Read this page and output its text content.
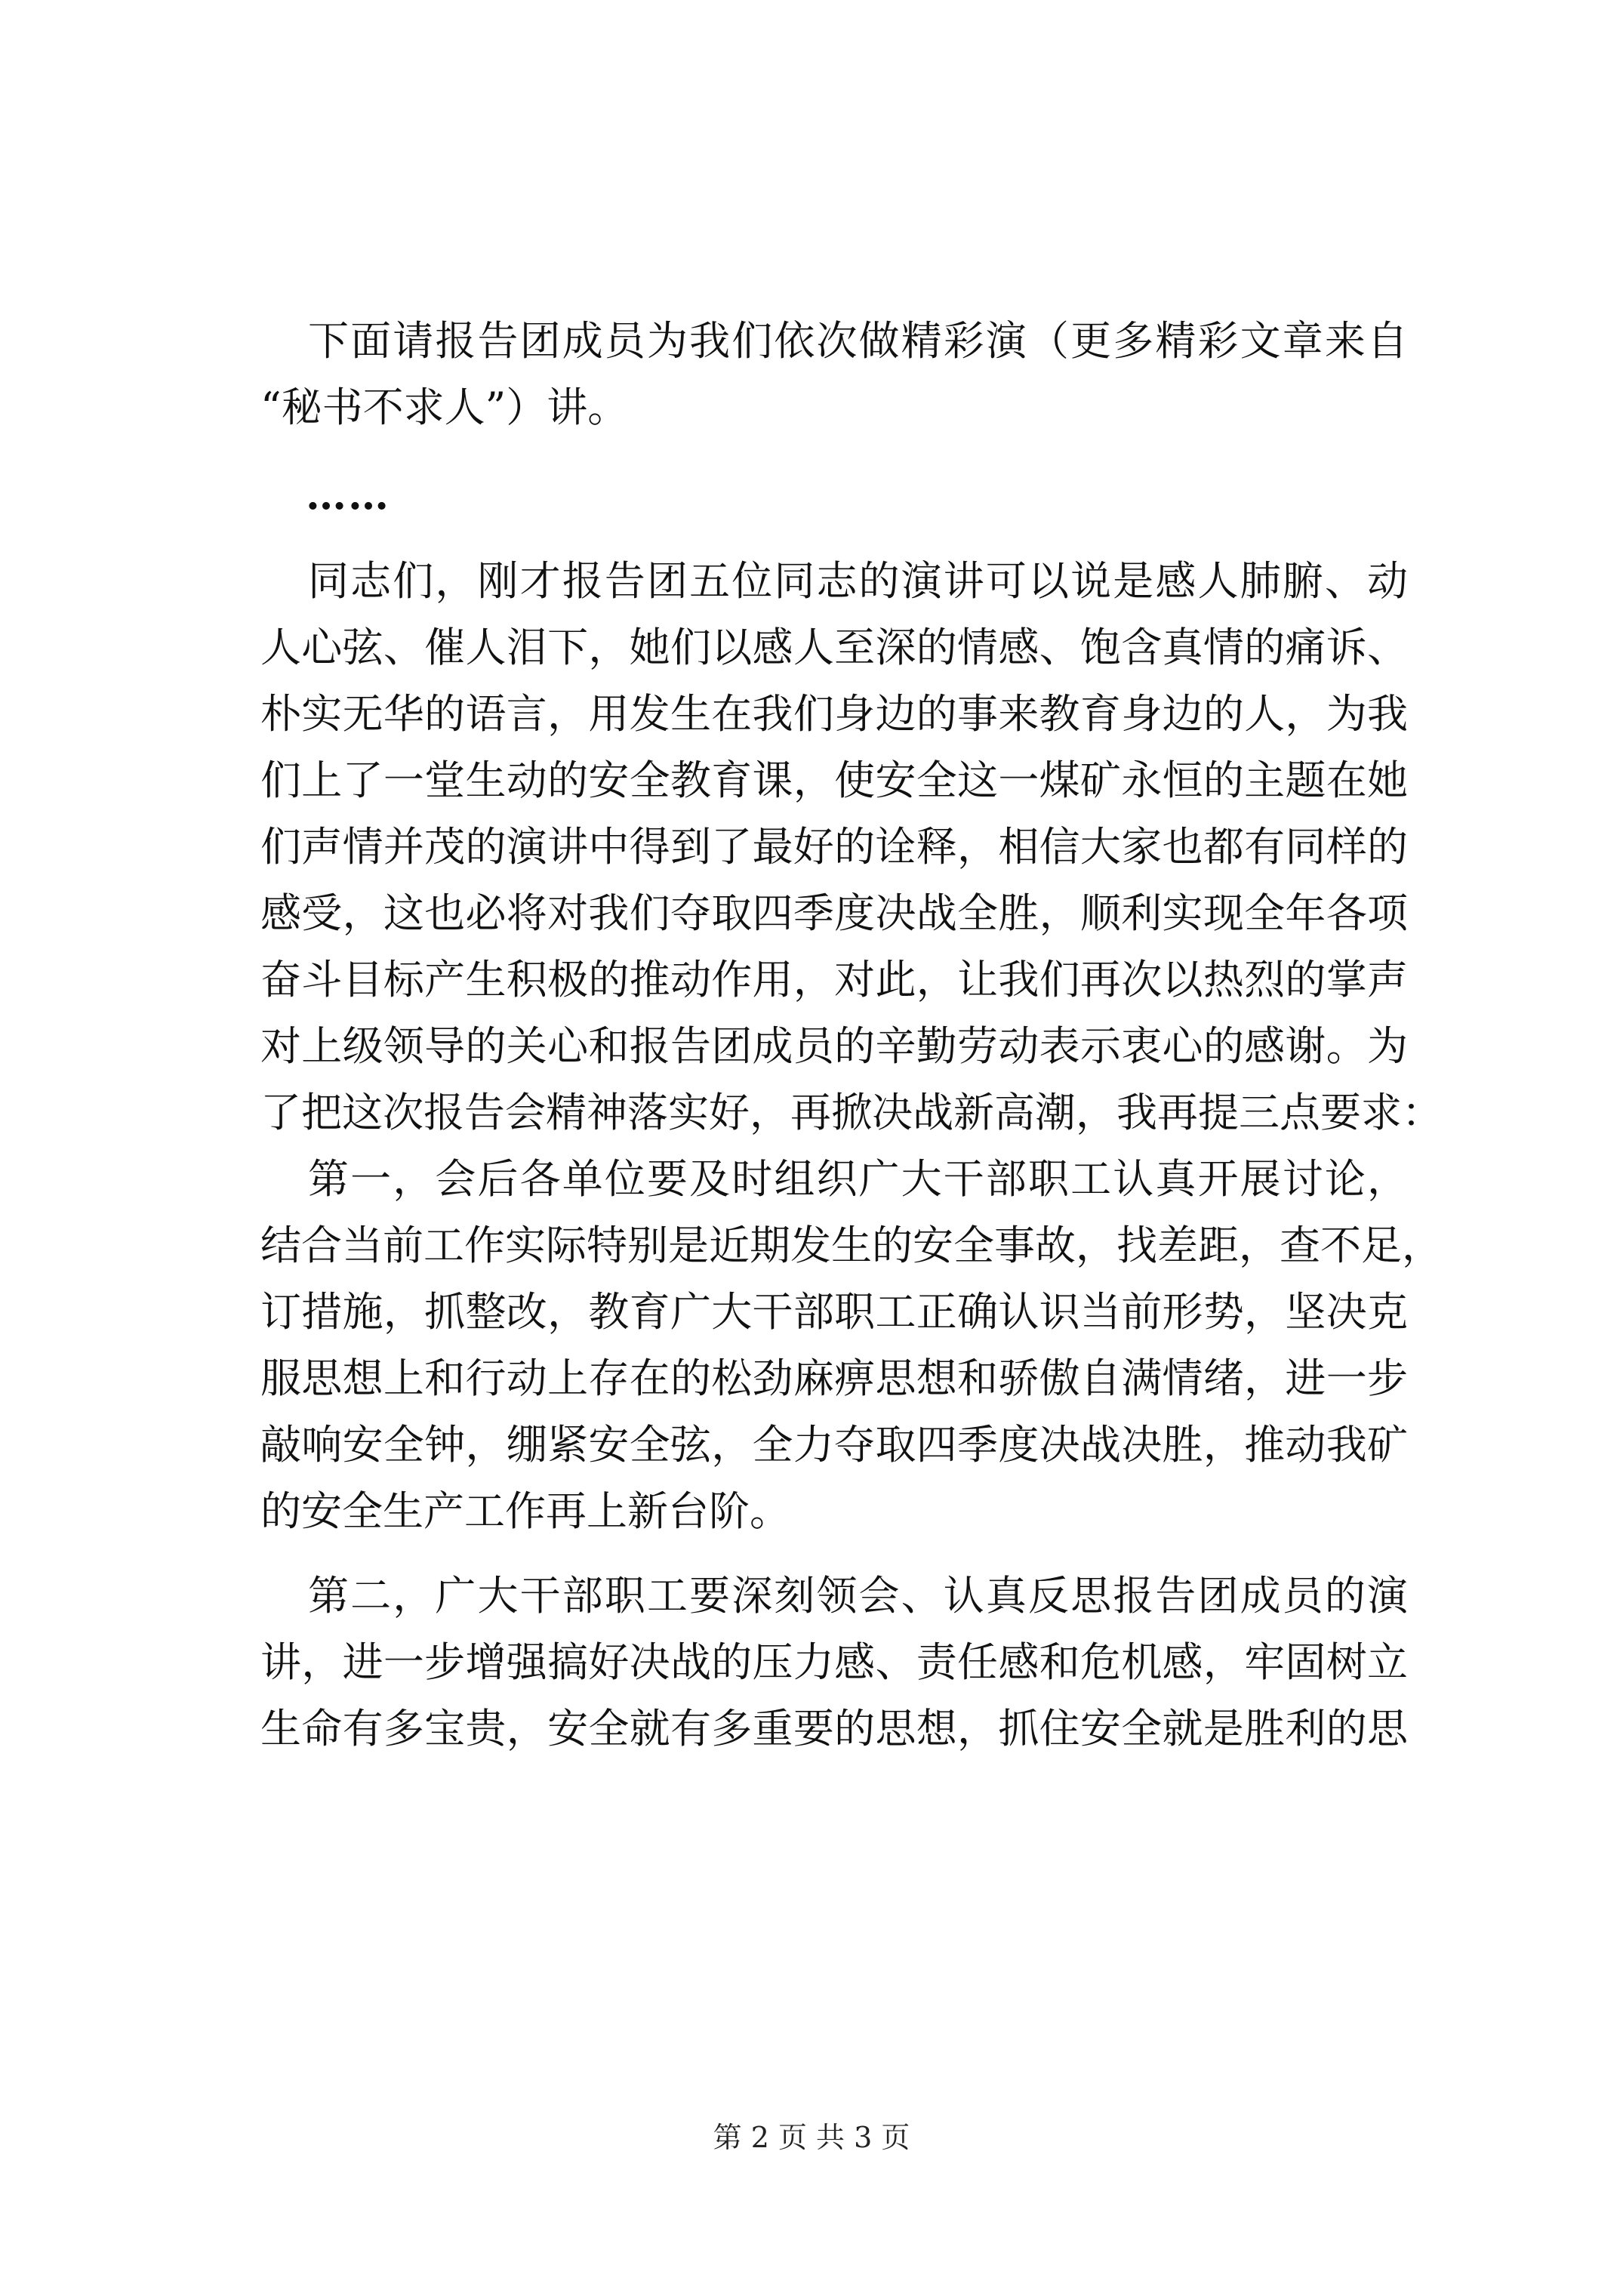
下面请报告团成员为我们依次做精彩演（更多精彩文章来自
“秘书不求人”）讲。
……
同志们，刚才报告团五位同志的演讲可以说是感人肺腑、动
人心弦、催人泪下，她们以感人至深的情感、饱含真情的痛诉、
朴实无华的语言，用发生在我们身边的事来教育身边的人，为我
们上了一堂生动的安全教育课，使安全这一煤矿永恒的主题在她
们声情并茂的演讲中得到了最好的诠释，相信大家也都有同样的
感受，这也必将对我们夺取四季度决战全胜，顺利实现全年各项
奋斗目标产生积极的推动作用，对此，让我们再次以热烈的掌声
对上级领导的关心和报告团成员的辛勤劳动表示衷心的感谢。为
了把这次报告会精神落实好，再掀决战新高潮，我再提三点要求：
第一，会后各单位要及时组织广大干部职工认真开展讨论，
结合当前工作实际特别是近期发生的安全事故，找差距，查不足，
订措施，抓整改，教育广大干部职工正确认识当前形势，坚决克
服思想上和行动上存在的松劲麻痹思想和骄傲自满情绪，进一步
敲响安全钟，绷紧安全弦，全力夺取四季度决战决胜，推动我矿
的安全生产工作再上新台阶。
第二，广大干部职工要深刻领会、认真反思报告团成员的演
讲，进一步增强搞好决战的压力感、责任感和危机感，牢固树立
生命有多宝贵，安全就有多重要的思想，抓住安全就是胜利的思
第 2 页 共 3 页
